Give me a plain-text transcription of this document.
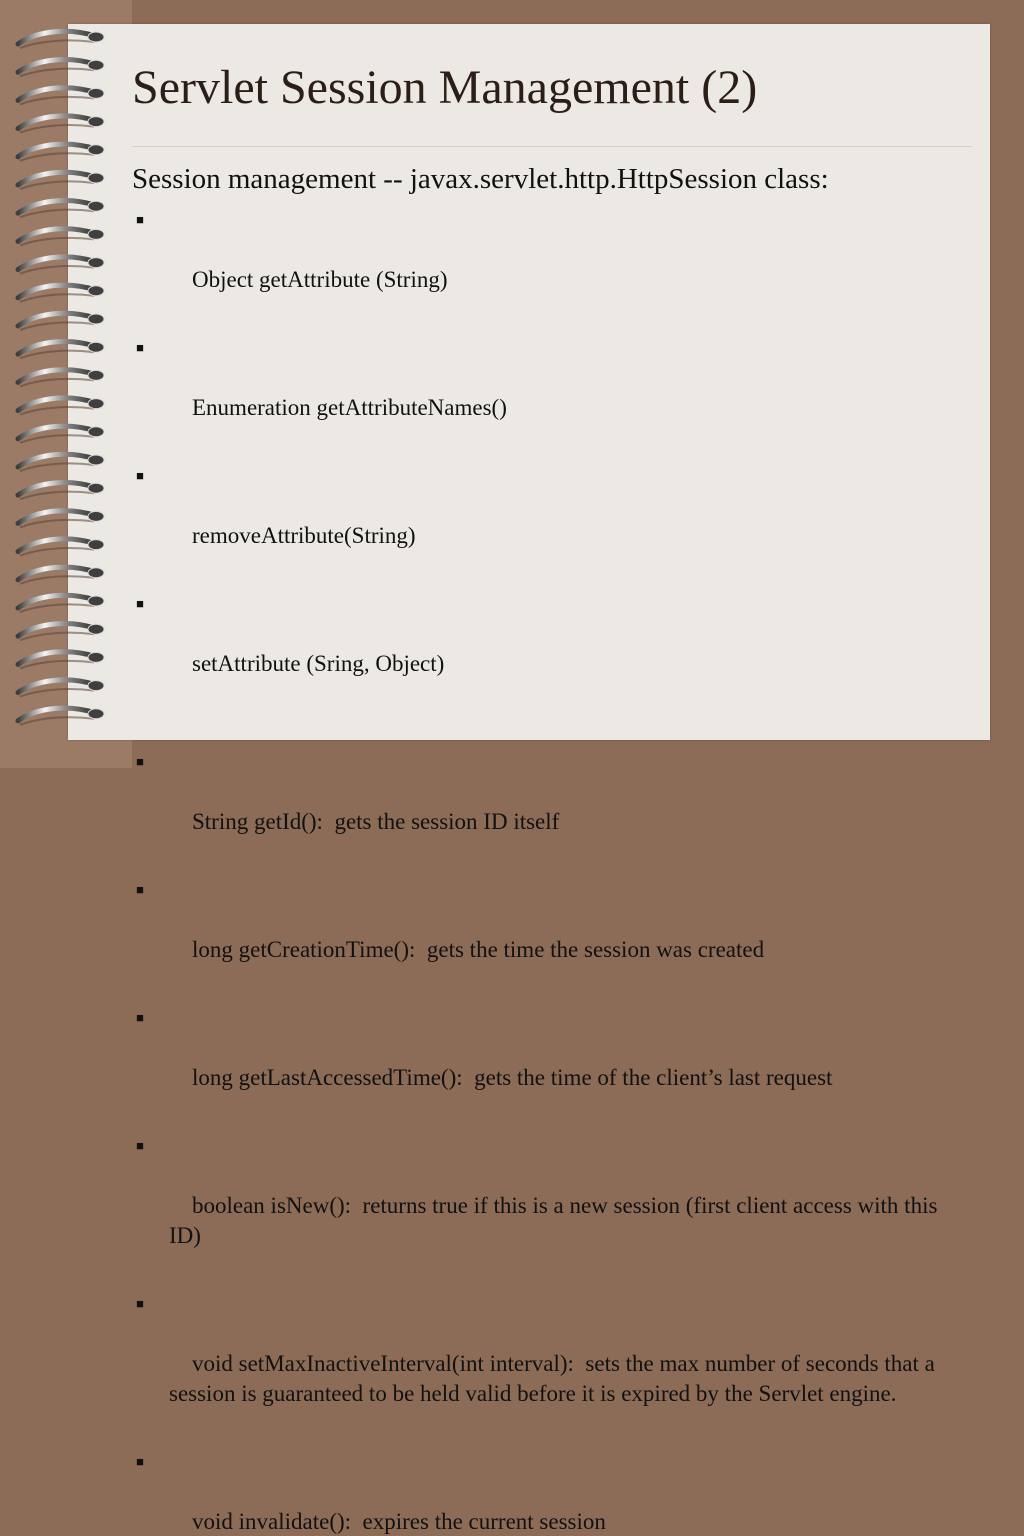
Servlet Session Management (2)
Session management -- javax.servlet.http.HttpSession class:

■

Object getAttribute (String)

■

Enumeration getAttributeNames()

■

removeAttribute(String)

■

setAttribute (Sring, Object)

■

String getId():  gets the session ID itself

■

long getCreationTime():  gets the time the session was created

■

long getLastAccessedTime():  gets the time of the client’s last request

■

boolean isNew():  returns true if this is a new session (first client access with this ID)

■

void setMaxInactiveInterval(int interval):  sets the max number of seconds that a session is guaranteed to be held valid before it is expired by the Servlet engine.

■

void invalidate():  expires the current session
